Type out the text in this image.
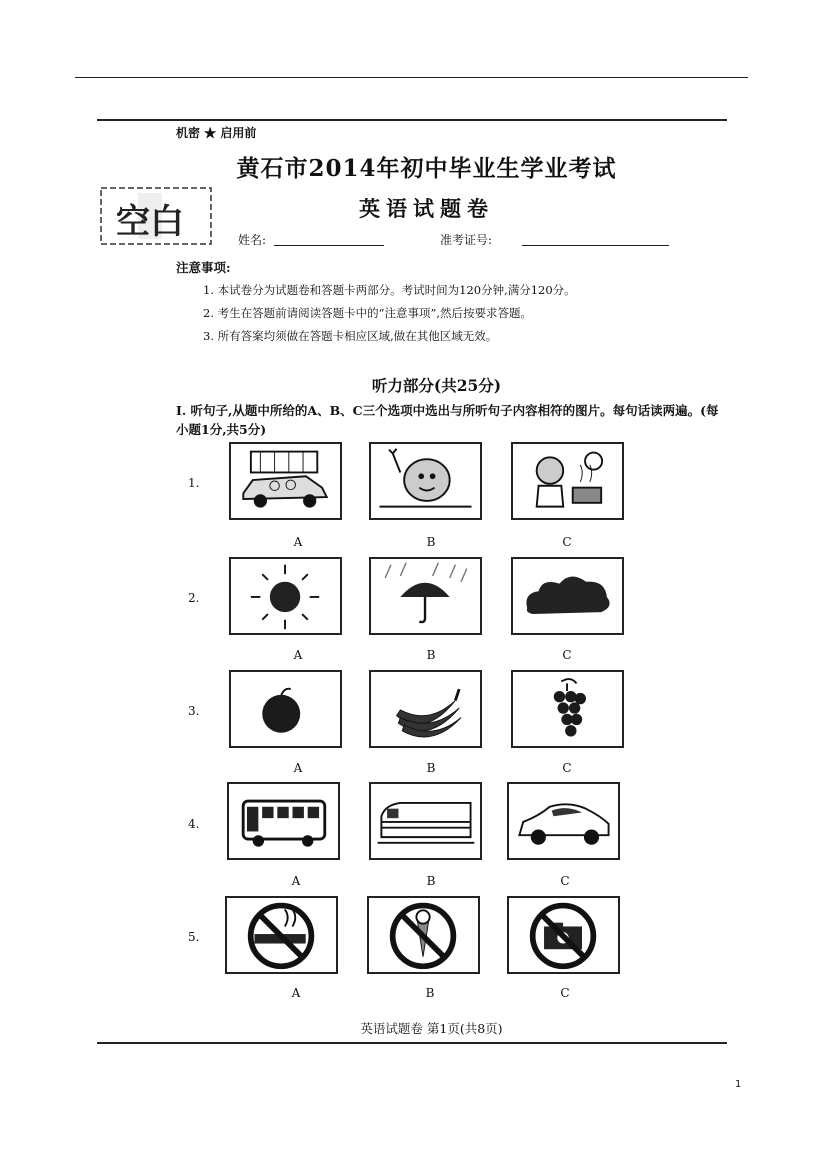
机密 ★ 启用前
黄石市2014年初中毕业生学业考试
英语试题卷
空白	姓名:	准考证号:
注意事项:
1. 本试卷分为试题卷和答题卡两部分。考试时间为120分钟,满分120分。
2. 考生在答题前请阅读答题卡中的“注意事项”,然后按要求答题。
3. 所有答案均须做在答题卡相应区域,做在其他区域无效。
听力部分(共25分)
I. 听句子,从题中所给的A、B、C三个选项中选出与所听句子内容相符的图片。每句话读两遍。(每小题1分,共5分)
1.
A	B	C
2.
A	B	C
3.
A	B	C
4.
A	B	C
5.
A	B	C
英语试题卷 第1页(共8页)
1
